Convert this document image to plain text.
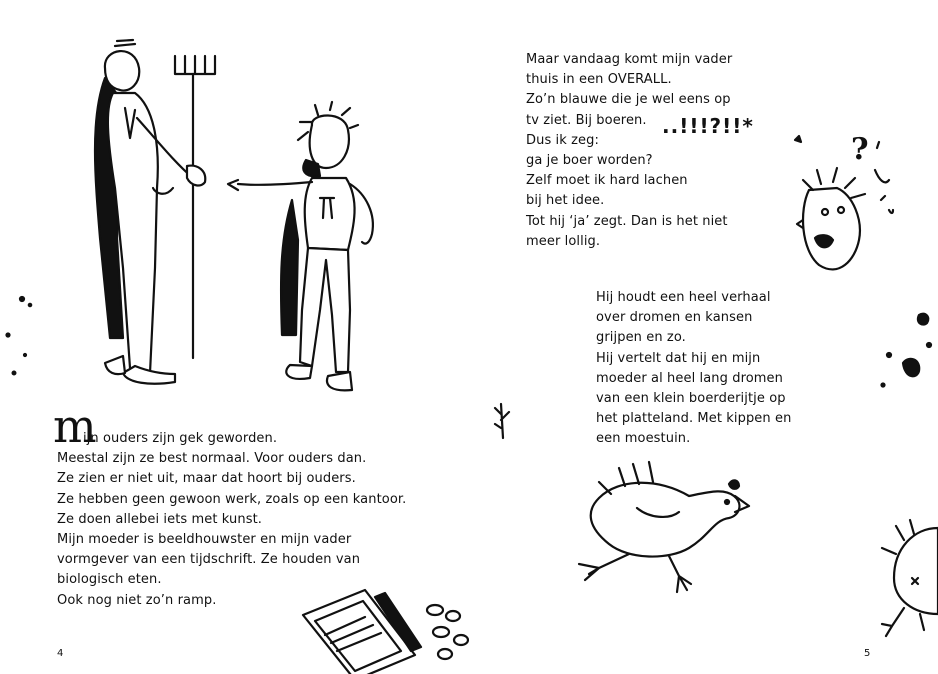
m
ijn ouders zijn gek geworden.
Meestal zijn ze best normaal. Voor ouders dan.
Ze zien er niet uit, maar dat hoort bij ouders.
Ze hebben geen gewoon werk, zoals op een kantoor.
Ze doen allebei iets met kunst.
Mijn moeder is beeldhouwster en mijn vader
vormgever van een tijdschrift. Ze houden van
biologisch eten.
Ook nog niet zo’n ramp.
4
Maar vandaag komt mijn vader
thuis in een OVERALL.
Zo’n blauwe die je wel eens op
tv ziet. Bij boeren.
Dus ik zeg:
ga je boer worden?
Zelf moet ik hard lachen
bij het idee.
Tot hij ‘ja’ zegt. Dan is het niet
meer lollig.
..!!!?!!*
?
Hij houdt een heel verhaal
over dromen en kansen
grijpen en zo.
Hij vertelt dat hij en mijn
moeder al heel lang dromen
van een klein boerderijtje op
het platteland. Met kippen en
een moestuin.
5
